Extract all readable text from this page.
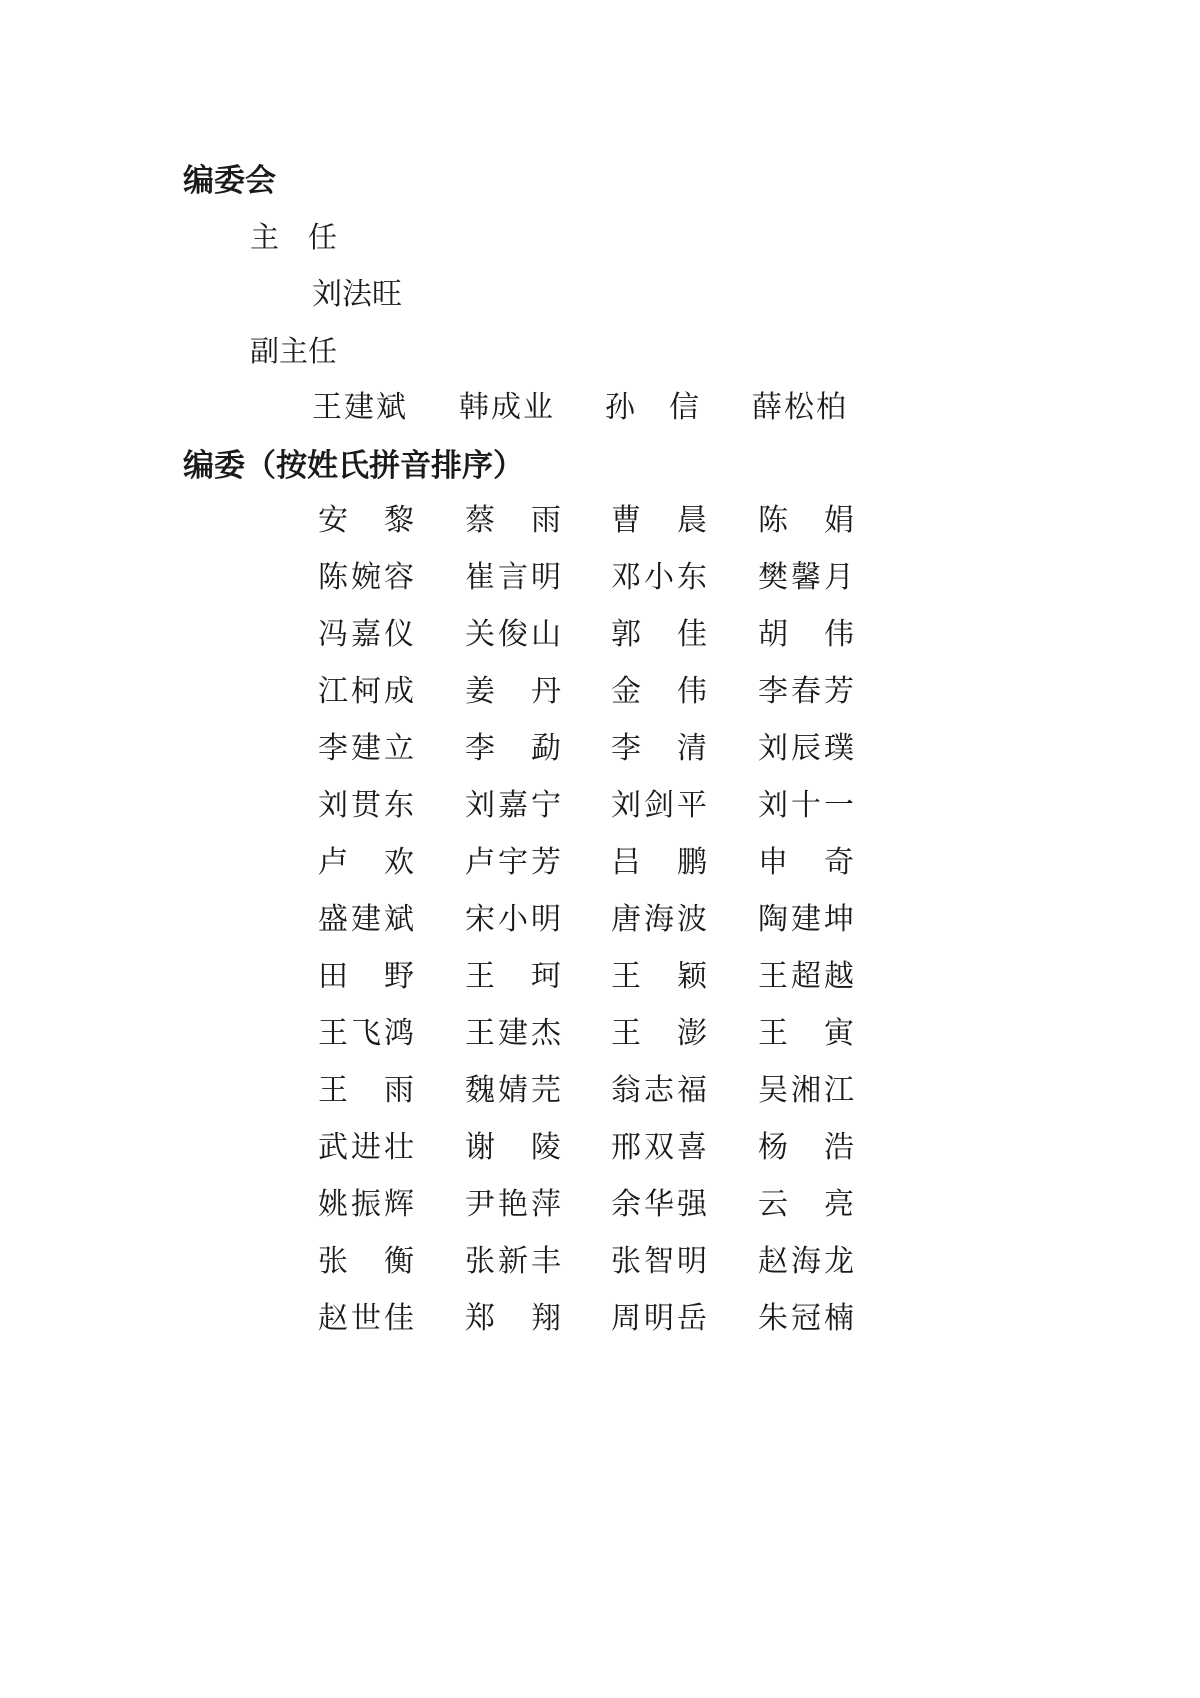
编委会
主　任
刘法旺
副主任
王建斌 韩成业 孙　信 薛松柏
编委（按姓氏拼音排序）
安　黎 蔡　雨 曹　晨 陈　娟
陈婉容 崔言明 邓小东 樊馨月
冯嘉仪 关俊山 郭　佳 胡　伟
江柯成 姜　丹 金　伟 李春芳
李建立 李　勐 李　清 刘辰璞
刘贯东 刘嘉宁 刘剑平 刘十一
卢　欢 卢宇芳 吕　鹏 申　奇
盛建斌 宋小明 唐海波 陶建坤
田　野 王　珂 王　颖 王超越
王飞鸿 王建杰 王　澎 王　寅
王　雨 魏婧芫 翁志福 吴湘江
武进壮 谢　陵 邢双喜 杨　浩
姚振辉 尹艳萍 余华强 云　亮
张　衡 张新丰 张智明 赵海龙
赵世佳 郑　翔 周明岳 朱冠楠
